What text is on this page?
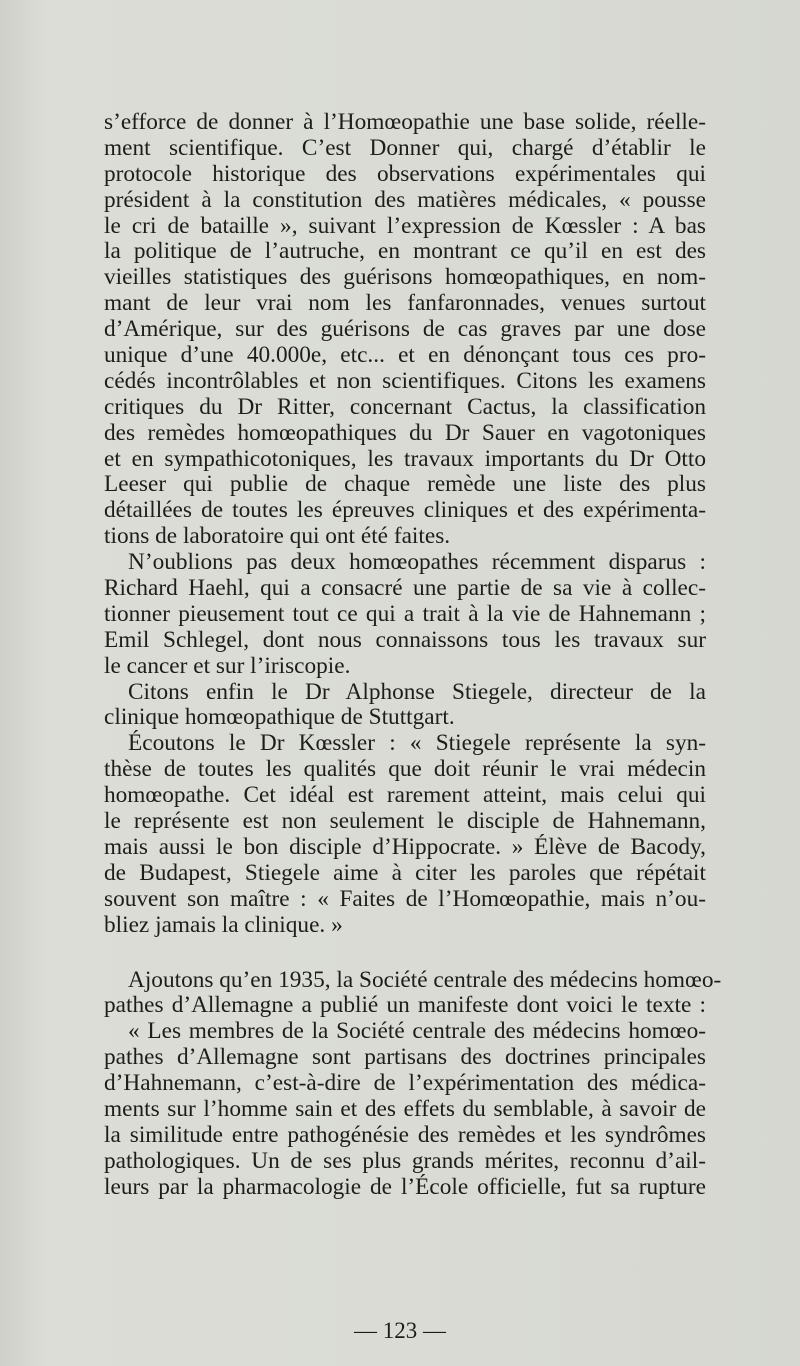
s’efforce de donner à l’Homœopathie une base solide, réelle-
ment scientifique. C’est Donner qui, chargé d’établir le
protocole historique des observations expérimentales qui
président à la constitution des matières médicales, « pousse
le cri de bataille », suivant l’expression de Kœssler : A bas
la politique de l’autruche, en montrant ce qu’il en est des
vieilles statistiques des guérisons homœopathiques, en nom-
mant de leur vrai nom les fanfaronnades, venues surtout
d’Amérique, sur des guérisons de cas graves par une dose
unique d’une 40.000e, etc... et en dénonçant tous ces pro-
cédés incontrôlables et non scientifiques. Citons les examens
critiques du Dr Ritter, concernant Cactus, la classification
des remèdes homœopathiques du Dr Sauer en vagotoniques
et en sympathicotoniques, les travaux importants du Dr Otto
Leeser qui publie de chaque remède une liste des plus
détaillées de toutes les épreuves cliniques et des expérimenta-
tions de laboratoire qui ont été faites.
N’oublions pas deux homœopathes récemment disparus :
Richard Haehl, qui a consacré une partie de sa vie à collec-
tionner pieusement tout ce qui a trait à la vie de Hahnemann ;
Emil Schlegel, dont nous connaissons tous les travaux sur
le cancer et sur l’iriscopie.
Citons enfin le Dr Alphonse Stiegele, directeur de la
clinique homœopathique de Stuttgart.
Écoutons le Dr Kœssler : « Stiegele représente la syn-
thèse de toutes les qualités que doit réunir le vrai médecin
homœopathe. Cet idéal est rarement atteint, mais celui qui
le représente est non seulement le disciple de Hahnemann,
mais aussi le bon disciple d’Hippocrate. » Élève de Bacody,
de Budapest, Stiegele aime à citer les paroles que répétait
souvent son maître : « Faites de l’Homœopathie, mais n’ou-
bliez jamais la clinique. »
Ajoutons qu’en 1935, la Société centrale des médecins homœo-
pathes d’Allemagne a publié un manifeste dont voici le texte :
« Les membres de la Société centrale des médecins homœo-
pathes d’Allemagne sont partisans des doctrines principales
d’Hahnemann, c’est-à-dire de l’expérimentation des médica-
ments sur l’homme sain et des effets du semblable, à savoir de
la similitude entre pathogénésie des remèdes et les syndrômes
pathologiques. Un de ses plus grands mérites, reconnu d’ail-
leurs par la pharmacologie de l’École officielle, fut sa rupture
— 123 —
